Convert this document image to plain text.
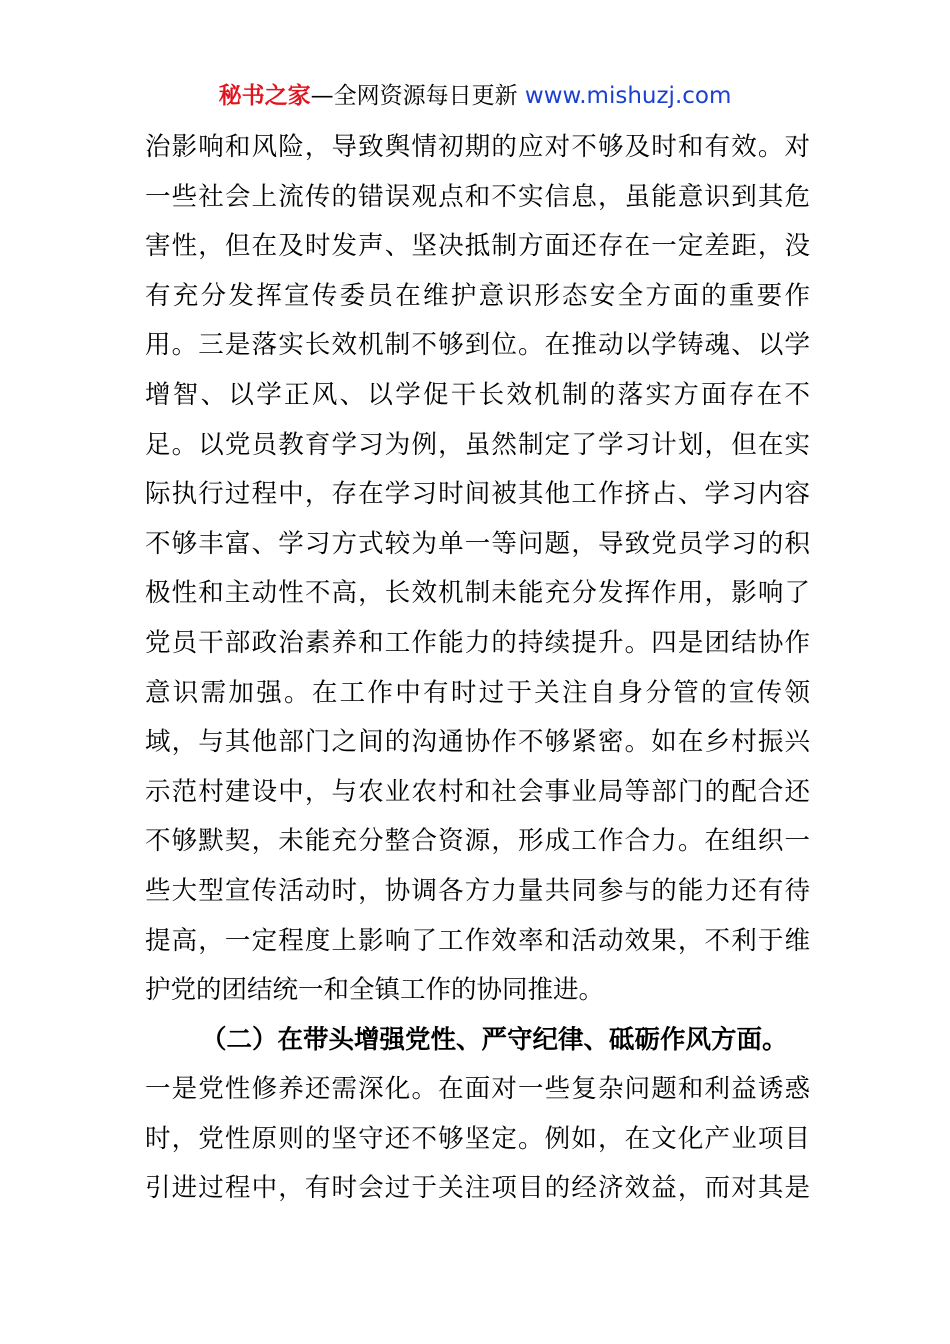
秘书之家—全网资源每日更新 www.mishuzj.com
治影响和风险，导致舆情初期的应对不够及时和有效。对
一些社会上流传的错误观点和不实信息，虽能意识到其危
害性，但在及时发声、坚决抵制方面还存在一定差距，没
有充分发挥宣传委员在维护意识形态安全方面的重要作
用。三是落实长效机制不够到位。在推动以学铸魂、以学
增智、以学正风、以学促干长效机制的落实方面存在不
足。以党员教育学习为例，虽然制定了学习计划，但在实
际执行过程中，存在学习时间被其他工作挤占、学习内容
不够丰富、学习方式较为单一等问题，导致党员学习的积
极性和主动性不高，长效机制未能充分发挥作用，影响了
党员干部政治素养和工作能力的持续提升。四是团结协作
意识需加强。在工作中有时过于关注自身分管的宣传领
域，与其他部门之间的沟通协作不够紧密。如在乡村振兴
示范村建设中，与农业农村和社会事业局等部门的配合还
不够默契，未能充分整合资源，形成工作合力。在组织一
些大型宣传活动时，协调各方力量共同参与的能力还有待
提高，一定程度上影响了工作效率和活动效果，不利于维
护党的团结统一和全镇工作的协同推进。
（二）在带头增强党性、严守纪律、砥砺作风方面。
一是党性修养还需深化。在面对一些复杂问题和利益诱惑
时，党性原则的坚守还不够坚定。例如，在文化产业项目
引进过程中，有时会过于关注项目的经济效益，而对其是
